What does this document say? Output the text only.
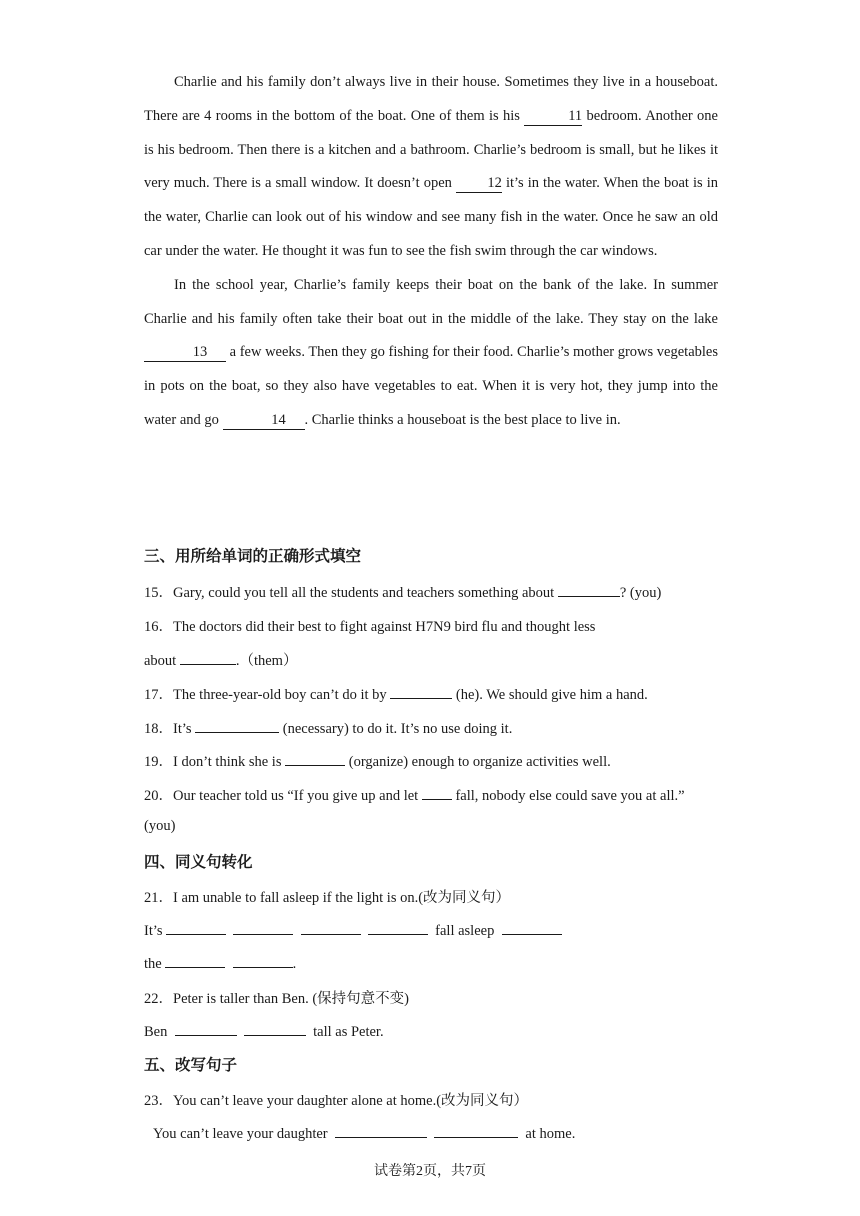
Charlie and his family don’t always live in their house. Sometimes they live in a houseboat. There are 4 rooms in the bottom of the boat. One of them is his	11 bedroom. Another one is his bedroom. Then there is a kitchen and a bathroom. Charlie’s bedroom is small, but he likes it very much. There is a small window. It doesn’t open 12 it’s in the water. When the boat is in the water, Charlie can look out of his window and see many fish in the water. Once he saw an old car under the water. He thought it was fun to see the fish swim through the car windows.

In the school year, Charlie’s family keeps their boat on the bank of the lake. In summer Charlie and his family often take their boat out in the middle of the lake. They stay on the lake 13 a few weeks. Then they go fishing for their food. Charlie’s mother grows vegetables in pots on the boat, so they also have vegetables to eat. When it is very hot, they jump into the water and go	14 . Charlie thinks a houseboat is the best place to live in.

三、用所给单词的正确形式填空
15．Gary, could you tell all the students and teachers something about	? (you)
16．The doctors did their best to fight against H7N9 bird flu and thought less
about	.（them）
17．The three-year-old boy can’t do it by	(he). We should give him a hand.
18．It’s	(necessary) to do it. It’s no use doing it.
19．I don’t think she is	(organize) enough to organize activities well.
20．Our teacher told us “If you give up and let  fall, nobody else could save you at all.”
(you)
四、同义句转化
21．I am unable to fall asleep if the light is on.(改为同义句）
It’s	fall asleep
the	.
22．Peter is taller than Ben. (保持句意不变)
Ben	tall as Peter.
五、改写句子
23．You can’t leave your daughter alone at home.(改为同义句）
You can’t leave your daughter	at home.
试卷第2页，共7页
